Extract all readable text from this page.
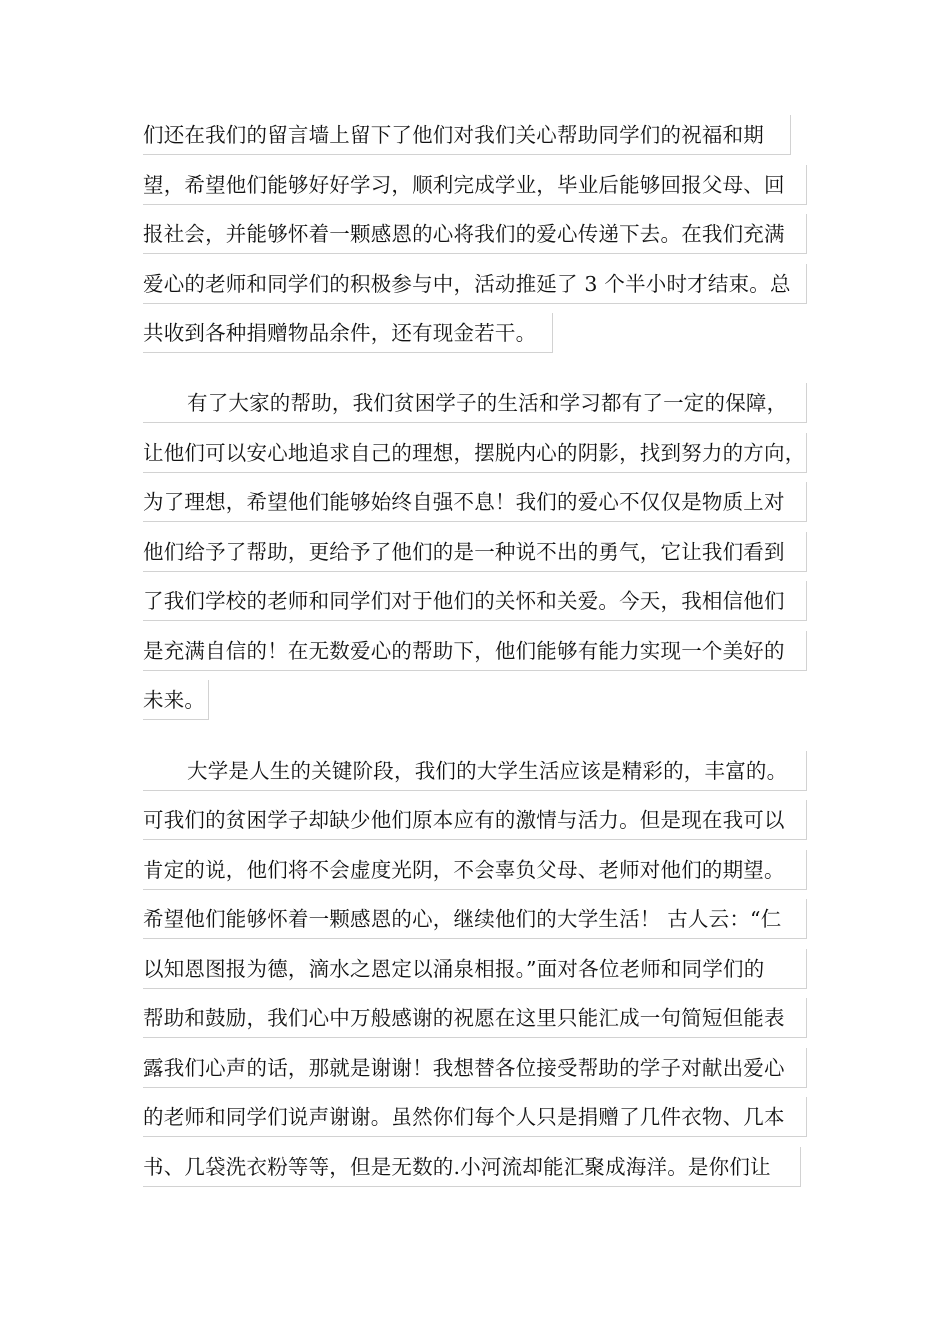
们还在我们的留言墙上留下了他们对我们关心帮助同学们的祝福和期
望，希望他们能够好好学习，顺利完成学业，毕业后能够回报父母、回
报社会，并能够怀着一颗感恩的心将我们的爱心传递下去。在我们充满
爱心的老师和同学们的积极参与中，活动推延了 3 个半小时才结束。总
共收到各种捐赠物品余件，还有现金若干。
有了大家的帮助，我们贫困学子的生活和学习都有了一定的保障，
让他们可以安心地追求自己的理想，摆脱内心的阴影，找到努力的方向，
为了理想，希望他们能够始终自强不息！我们的爱心不仅仅是物质上对
他们给予了帮助，更给予了他们的是一种说不出的勇气，它让我们看到
了我们学校的老师和同学们对于他们的关怀和关爱。今天，我相信他们
是充满自信的！在无数爱心的帮助下，他们能够有能力实现一个美好的
未来。
大学是人生的关键阶段，我们的大学生活应该是精彩的，丰富的。
可我们的贫困学子却缺少他们原本应有的激情与活力。但是现在我可以
肯定的说，他们将不会虚度光阴，不会辜负父母、老师对他们的期望。
希望他们能够怀着一颗感恩的心，继续他们的大学生活！ 古人云：“仁
以知恩图报为德，滴水之恩定以涌泉相报。”面对各位老师和同学们的
帮助和鼓励，我们心中万般感谢的祝愿在这里只能汇成一句简短但能表
露我们心声的话，那就是谢谢！我想替各位接受帮助的学子对献出爱心
的老师和同学们说声谢谢。虽然你们每个人只是捐赠了几件衣物、几本
书、几袋洗衣粉等等，但是无数的.小河流却能汇聚成海洋。是你们让
